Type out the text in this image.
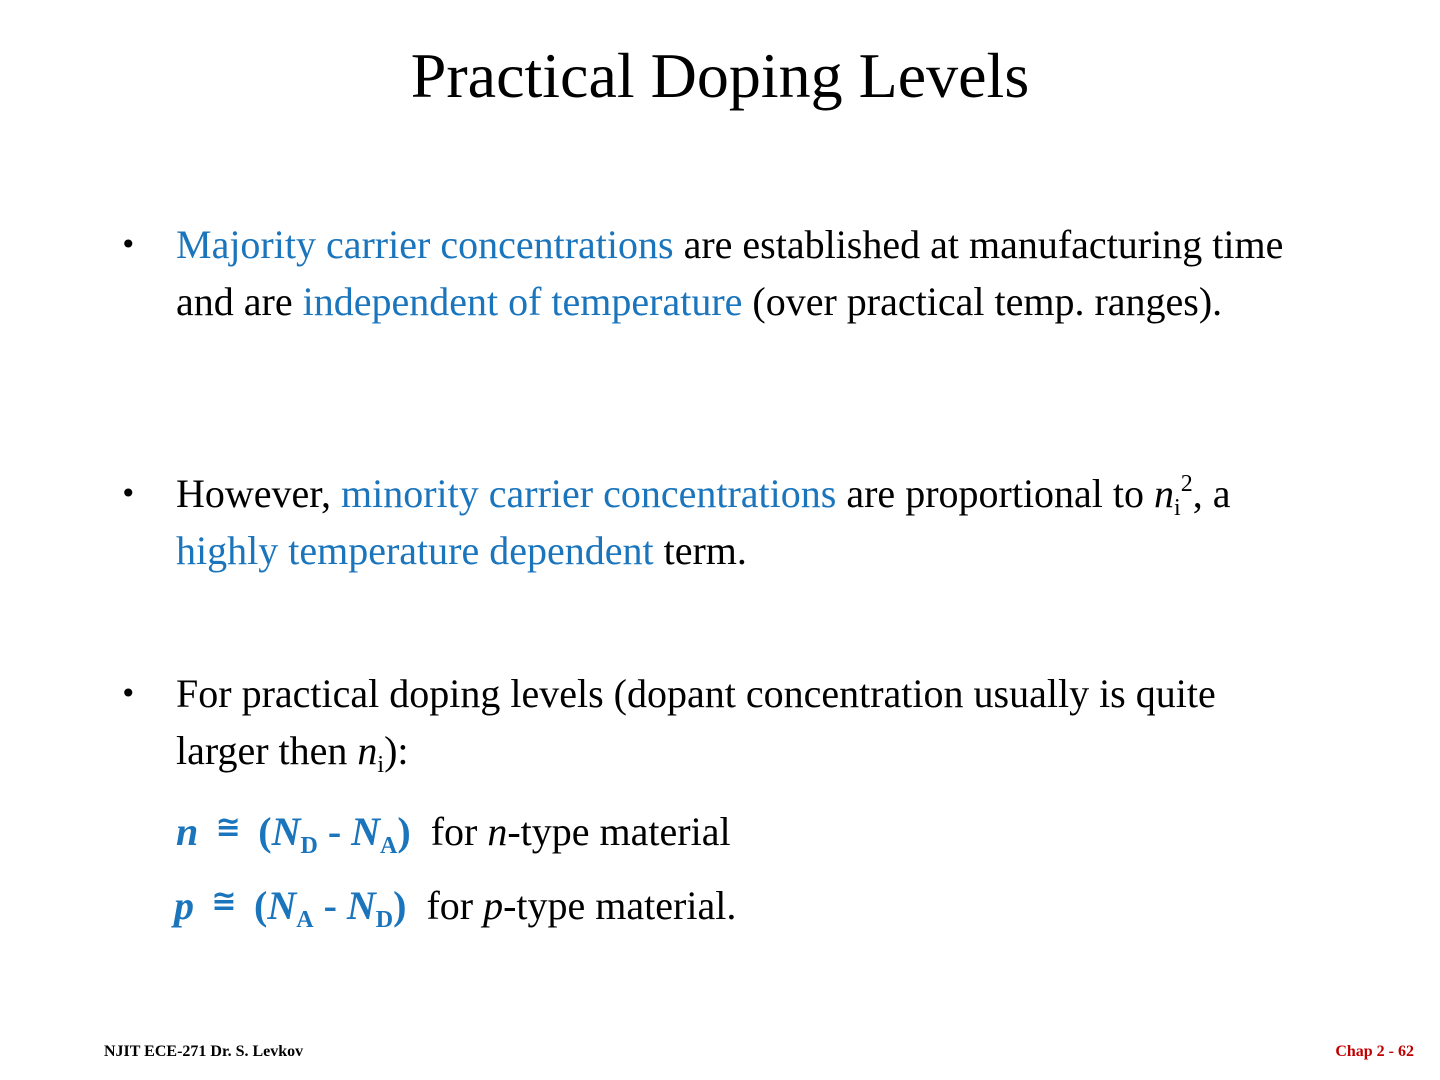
Practical Doping Levels
• Majority carrier concentrations are established at manufacturing time and are independent of temperature (over practical temp. ranges).
• However, minority carrier concentrations are proportional to $n_i^2$, a highly temperature dependent term.
• For practical doping levels (dopant concentration usually is quite larger then $n_i$):
n ≅ $(N_D - N_A)$  for n-type material
p ≅ $(N_A - N_D)$  for p-type material.
NJIT ECE-271 Dr. S. Levkov	Chap 2 - 62
